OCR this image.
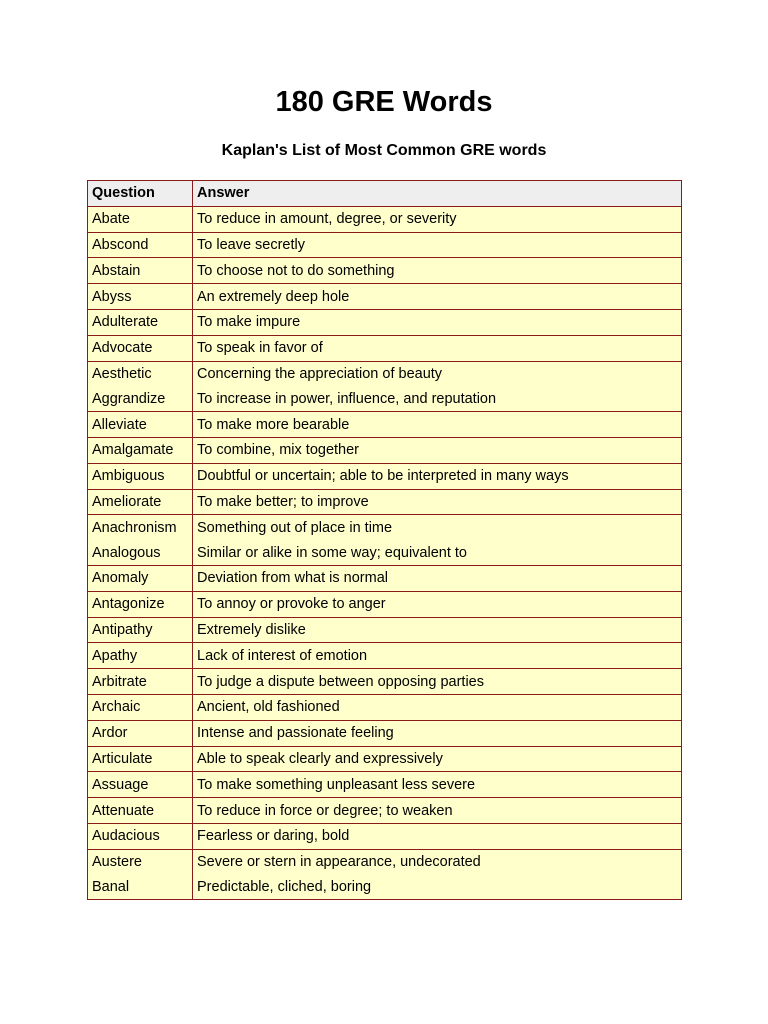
180 GRE Words
Kaplan's List of Most Common GRE words
Question	Answer
Abate	To reduce in amount, degree, or severity
Abscond	To leave secretly
Abstain	To choose not to do something
Abyss	An extremely deep hole
Adulterate	To make impure
Advocate	To speak in favor of
Aesthetic	Concerning the appreciation of beauty
Aggrandize	To increase in power, influence, and reputation
Alleviate	To make more bearable
Amalgamate	To combine, mix together
Ambiguous	Doubtful or uncertain; able to be interpreted in many ways
Ameliorate	To make better; to improve
Anachronism	Something out of place in time
Analogous	Similar or alike in some way; equivalent to
Anomaly	Deviation from what is normal
Antagonize	To annoy or provoke to anger
Antipathy	Extremely dislike
Apathy	Lack of interest of emotion
Arbitrate	To judge a dispute between opposing parties
Archaic	Ancient, old fashioned
Ardor	Intense and passionate feeling
Articulate	Able to speak clearly and expressively
Assuage	To make something unpleasant less severe
Attenuate	To reduce in force or degree; to weaken
Audacious	Fearless or daring, bold
Austere	Severe or stern in appearance, undecorated
Banal	Predictable, cliched, boring
